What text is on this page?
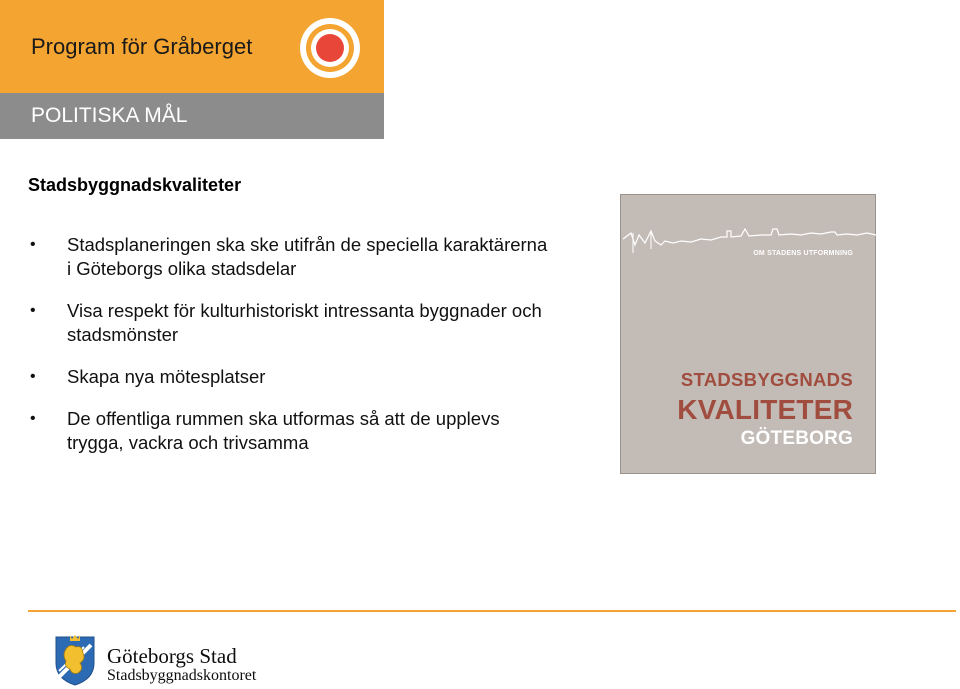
Program för Gråberget
POLITISKA MÅL
Stadsbyggnadskvaliteter
• Stadsplaneringen ska ske utifrån de speciella karaktärerna i Göteborgs olika stadsdelar
• Visa respekt för kulturhistoriskt intressanta byggnader och stadsmönster
• Skapa nya mötesplatser
• De offentliga rummen ska utformas så att de upplevs trygga, vackra och trivsamma
OM STADENS UTFORMNING
STADSBYGGNADS
KVALITETER
GÖTEBORG
Göteborgs Stad
Stadsbyggnadskontoret
